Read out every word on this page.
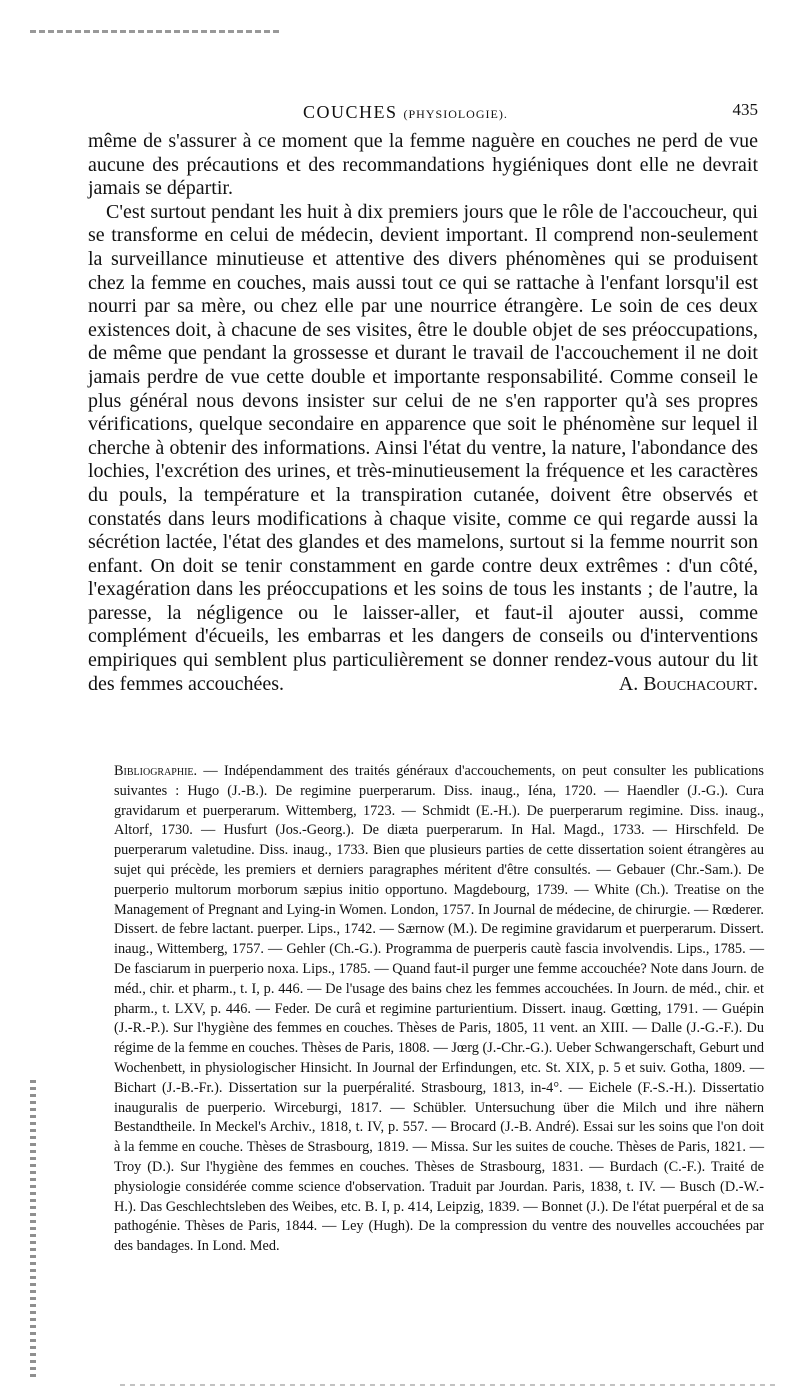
COUCHES (PHYSIOLOGIE).	435

même de s'assurer à ce moment que la femme naguère en couches ne perd de vue aucune des précautions et des recommandations hygiéniques dont elle ne devrait jamais se départir.

C'est surtout pendant les huit à dix premiers jours que le rôle de l'accoucheur, qui se transforme en celui de médecin, devient important. Il comprend non-seulement la surveillance minutieuse et attentive des divers phénomènes qui se produisent chez la femme en couches, mais aussi tout ce qui se rattache à l'enfant lorsqu'il est nourri par sa mère, ou chez elle par une nourrice étrangère. Le soin de ces deux existences doit, à chacune de ses visites, être le double objet de ses préoccupations, de même que pendant la grossesse et durant le travail de l'accouchement il ne doit jamais perdre de vue cette double et importante responsabilité. Comme conseil le plus général nous devons insister sur celui de ne s'en rapporter qu'à ses propres vérifications, quelque secondaire en apparence que soit le phénomène sur lequel il cherche à obtenir des informations. Ainsi l'état du ventre, la nature, l'abondance des lochies, l'excrétion des urines, et très-minutieusement la fréquence et les caractères du pouls, la température et la transpiration cutanée, doivent être observés et constatés dans leurs modifications à chaque visite, comme ce qui regarde aussi la sécrétion lactée, l'état des glandes et des mamelons, surtout si la femme nourrit son enfant. On doit se tenir constamment en garde contre deux extrêmes : d'un côté, l'exagération dans les préoccupations et les soins de tous les instants ; de l'autre, la paresse, la négligence ou le laisser-aller, et faut-il ajouter aussi, comme complément d'écueils, les embarras et les dangers de conseils ou d'interventions empiriques qui semblent plus particulièrement se donner rendez-vous autour du lit des femmes accouchées.	A. Bouchacourt.

Bibliographie. — Indépendamment des traités généraux d'accouchements, on peut consulter les publications suivantes : Hugo (J.-B.). De regimine puerperarum. Diss. inaug., Iéna, 1720. — Haendler (J.-G.). Cura gravidarum et puerperarum. Wittemberg, 1723. — Schmidt (E.-H.). De puerperarum regimine. Diss. inaug., Altorf, 1730. — Husfurt (Jos.-Georg.). De diæta puerperarum. In Hal. Magd., 1733. — Hirschfeld. De puerperarum valetudine. Diss. inaug., 1733. Bien que plusieurs parties de cette dissertation soient étrangères au sujet qui précède, les premiers et derniers paragraphes méritent d'être consultés. — Gebauer (Chr.-Sam.). De puerperio multorum morborum sæpius initio opportuno. Magdebourg, 1739. — White (Ch.). Treatise on the Management of Pregnant and Lying-in Women. London, 1757. In Journal de médecine, de chirurgie. — Rœderer. Dissert. de febre lactant. puerper. Lips., 1742. — Særnow (M.). De regimine gravidarum et puerperarum. Dissert. inaug., Wittemberg, 1757. — Gehler (Ch.-G.). Programma de puerperis cautè fascia involvendis. Lips., 1785. — De fasciarum in puerperio noxa. Lips., 1785. — Quand faut-il purger une femme accouchée? Note dans Journ. de méd., chir. et pharm., t. I, p. 446. — De l'usage des bains chez les femmes accouchées. In Journ. de méd., chir. et pharm., t. LXV, p. 446. — Feder. De curâ et regimine parturientium. Dissert. inaug. Gœtting, 1791. — Guépin (J.-R.-P.). Sur l'hygiène des femmes en couches. Thèses de Paris, 1805, 11 vent. an XIII. — Dalle (J.-G.-F.). Du régime de la femme en couches. Thèses de Paris, 1808. — Jœrg (J.-Chr.-G.). Ueber Schwangerschaft, Geburt und Wochenbett, in physiologischer Hinsicht. In Journal der Erfindungen, etc. St. XIX, p. 5 et suiv. Gotha, 1809. — Bichart (J.-B.-Fr.). Dissertation sur la puerpéralité. Strasbourg, 1813, in-4°. — Eichele (F.-S.-H.). Dissertatio inauguralis de puerperio. Wirceburgi, 1817. — Schübler. Untersuchung über die Milch und ihre nähern Bestandtheile. In Meckel's Archiv., 1818, t. IV, p. 557. — Brocard (J.-B. André). Essai sur les soins que l'on doit à la femme en couche. Thèses de Strasbourg, 1819. — Missa. Sur les suites de couche. Thèses de Paris, 1821. — Troy (D.). Sur l'hygiène des femmes en couches. Thèses de Strasbourg, 1831. — Burdach (C.-F.). Traité de physiologie considérée comme science d'observation. Traduit par Jourdan. Paris, 1838, t. IV. — Busch (D.-W.-H.). Das Geschlechtsleben des Weibes, etc. B. I, p. 414, Leipzig, 1839. — Bonnet (J.). De l'état puerpéral et de sa pathogénie. Thèses de Paris, 1844. — Ley (Hugh). De la compression du ventre des nouvelles accouchées par des bandages. In Lond. Med.
